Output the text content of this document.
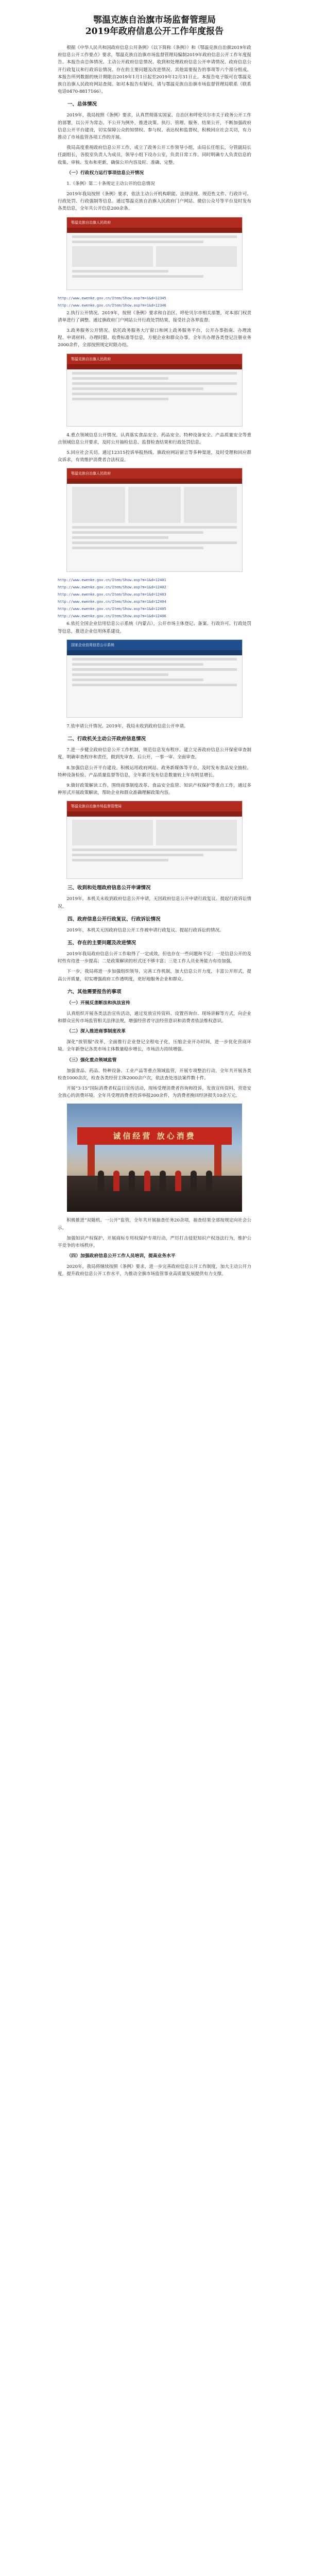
鄂温克族自治旗市场监督管理局
2019年政府信息公开工作年度报告

根据《中华人民共和国政府信息公开条例》（以下简称《条例》）和《鄂温克族自治旗2019年政府信息公开工作要点》要求，鄂温克族自治旗市场监督管理局编制2019年政府信息公开工作年度报告。本报告由总体情况、主动公开政府信息情况、收到和处理政府信息公开申请情况、政府信息公开行政复议和行政诉讼情况、存在的主要问题及改进情况、其他需要报告的事项等六个部分组成。本报告所列数据的统计期限自2019年1月1日起至2019年12月31日止。本报告电子版可在鄂温克族自治旗人民政府网站查阅。如对本报告有疑问，请与鄂温克族自治旗市场监督管理局联系（联系电话0470-8817166）。

一、总体情况

2019年，我局按照《条例》要求，认真贯彻落实国家、自治区和呼伦贝尔市关于政务公开工作的部署，以公开为常态、不公开为例外，推进决策、执行、管理、服务、结果公开，不断加强政府信息公开平台建设，切实保障公众的知情权、参与权、表达权和监督权，积极回应社会关切，有力推动了市场监管各项工作的开展。

我局高度重视政府信息公开工作，成立了政务公开工作领导小组，由局长任组长，分管副局长任副组长，各股室负责人为成员，领导小组下设办公室，负责日常工作。同时明确专人负责信息的收集、审核、发布和更新，确保公开内容及时、准确、完整。

（一）行政权力运行事项信息公开情况

1.《条例》第二十条规定主动公开的信息情况

2019年我局按照《条例》要求，依法主动公开机构职能、法律法规、规范性文件、行政许可、行政处罚、行政强制等信息。通过鄂温克族自治旗人民政府门户网站、微信公众号等平台及时发布各类信息，全年共公开信息200余条。

鄂温克族自治旗人民政府
http://www.ewenke.gov.cn/Item/Show.asp?m=1&d=12345
http://www.ewenke.gov.cn/Item/Show.asp?m=1&d=12346

2.执行公开情况。2019年，按照《条例》要求和自治区、呼伦贝尔市相关部署，对本部门权责清单进行了调整。通过旗政府门户网站公开行政处罚结果，接受社会各界监督。

3.政务服务公开情况。依托政务服务大厅窗口和网上政务服务平台，公开办事指南、办理流程、申请材料、办理时限、收费标准等信息，方便企业和群众办事。全年共办理各类登记注册业务2000余件，全部按照规定时限办结。

鄂温克族自治旗人民政府

4.重点领域信息公开情况。认真落实食品安全、药品安全、特种设备安全、产品质量安全等重点领域信息公开要求，及时公开抽检信息、监督检查结果和行政处罚信息。

5.回应社会关切。通过12315投诉举报热线、旗政府网站留言等多种渠道，及时受理和回应群众诉求，有效维护消费者合法权益。

鄂温克族自治旗人民政府
http://www.ewenke.gov.cn/Item/Show.asp?m=1&d=12401
http://www.ewenke.gov.cn/Item/Show.asp?m=1&d=12402
http://www.ewenke.gov.cn/Item/Show.asp?m=1&d=12403
http://www.ewenke.gov.cn/Item/Show.asp?m=1&d=12404
http://www.ewenke.gov.cn/Item/Show.asp?m=1&d=12405
http://www.ewenke.gov.cn/Item/Show.asp?m=1&d=12406

6.依托全国企业信用信息公示系统（内蒙古），公开市场主体登记、备案、行政许可、行政处罚等信息，推进企业信用体系建设。

国家企业信用信息公示系统

7.依申请公开情况。2019年，我局未收到政府信息公开申请。

二、行政机关主动公开政府信息情况

7.进一步健全政府信息公开工作机制，规范信息发布程序。建立完善政府信息公开保密审查制度，明确审查程序和责任，做到先审查、后公开，一事一审、全面审查。

8.加强信息公开平台建设。积极运用政府网站、政务新媒体等平台，及时发布食品安全抽检、特种设备检验、产品质量监督等信息，全年累计发布信息数量较上年有明显增长。

9.做好政策解读工作。围绕商事制度改革、食品安全监管、知识产权保护等重点工作，通过多种形式开展政策解读，帮助企业和群众准确理解政策内容。

鄂温克族自治旗市场监督管理局
三、收到和处理政府信息公开申请情况

2019年，本机关未收到政府信息公开申请，无因政府信息公开申请行政复议、提起行政诉讼情况。

四、政府信息公开行政复议、行政诉讼情况

2019年，本机关无因政府信息公开工作被申请行政复议、提起行政诉讼的情况。

五、存在的主要问题及改进情况

2019年我局政府信息公开工作取得了一定成效，但也存在一些问题和不足：一是信息公开的及时性有待进一步提高；二是政策解读的形式还不够丰富；三是工作人员业务能力有待加强。

下一步，我局将进一步加强组织领导，完善工作机制，加大信息公开力度，丰富公开形式，提高公开质量，切实增强政府工作透明度，更好地服务企业和群众。

六、其他需要报告的事项
（一）开展反垄断法和执法宣传

认真组织开展各类法治宣传活动，通过发放宣传资料、设置咨询台、现场讲解等方式，向企业和群众宣传市场监管相关法律法规，增强经营者守法经营意识和消费者依法维权意识。

（二）深入推进商事制度改革

深化“放管服”改革，全面推行企业登记全程电子化，压缩企业开办时间，进一步优化营商环境。全年新登记各类市场主体数量稳步增长，市场活力持续增强。

（三）强化重点领域监管

加强食品、药品、特种设备、工业产品等重点领域监管，开展专项整治行动，全年共开展各类检查1000余次，检查各类经营主体2000余户次，依法查处违法案件数十件。

开展“3·15”国际消费者权益日宣传活动，现场受理消费者咨询和投诉，发放宣传资料，营造安全放心的消费环境。全年共受理消费者投诉举报200余件，为消费者挽回经济损失10余万元。

诚信经营 放心消费

积极推进“双随机、一公开”监管，全年共开展抽查任务20余项，抽查结果全部按规定向社会公示。

加强知识产权保护，开展商标专用权保护专项行动，严厉打击侵犯知识产权违法行为，维护公平竞争的市场秩序。

（四）加强政府信息公开工作人员培训，提高业务水平

2020年，我局将继续按照《条例》要求，进一步完善政府信息公开工作制度，加大主动公开力度，提升政府信息公开工作水平，为推动全旗市场监管事业高质量发展提供有力支撑。
